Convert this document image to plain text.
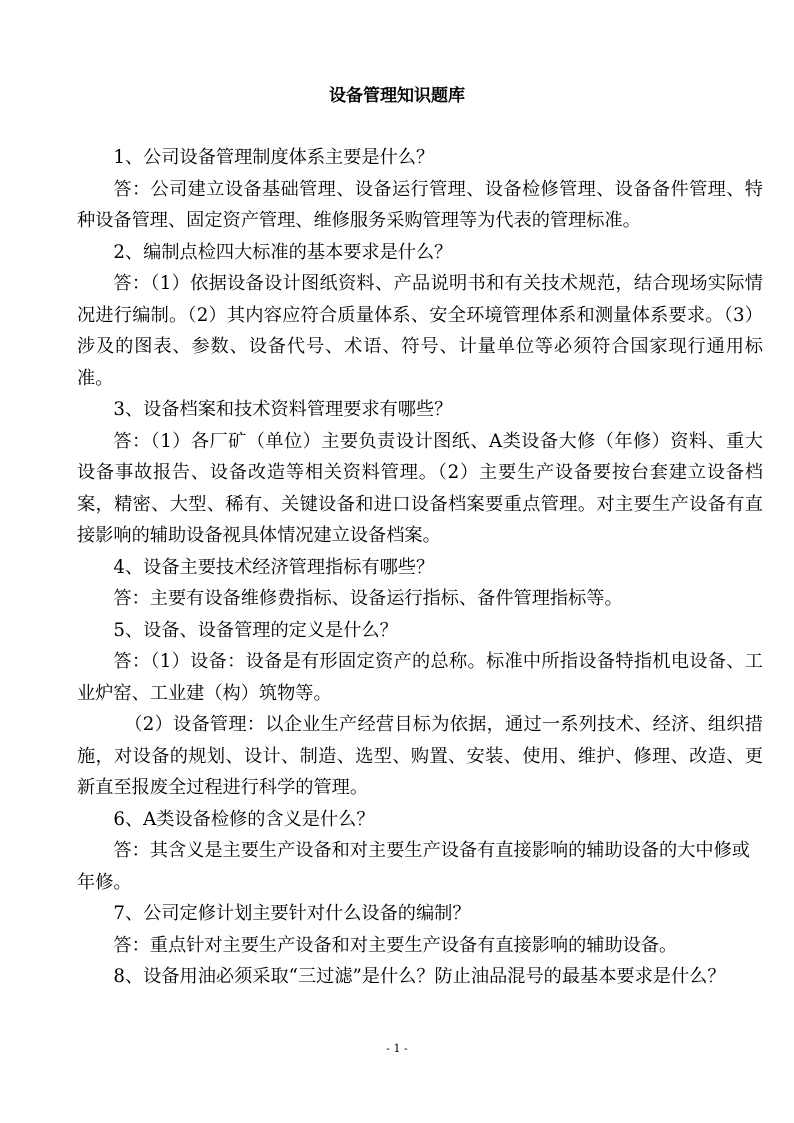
设备管理知识题库

1、公司设备管理制度体系主要是什么？

答：公司建立设备基础管理、设备运行管理、设备检修管理、设备备件管理、特种设备管理、固定资产管理、维修服务采购管理等为代表的管理标准。

2、编制点检四大标准的基本要求是什么？

答：（1）依据设备设计图纸资料、产品说明书和有关技术规范，结合现场实际情况进行编制。（2）其内容应符合质量体系、安全环境管理体系和测量体系要求。（3）涉及的图表、参数、设备代号、术语、符号、计量单位等必须符合国家现行通用标准。

3、设备档案和技术资料管理要求有哪些？

答：（1）各厂矿（单位）主要负责设计图纸、A类设备大修（年修）资料、重大设备事故报告、设备改造等相关资料管理。（2）主要生产设备要按台套建立设备档案，精密、大型、稀有、关键设备和进口设备档案要重点管理。对主要生产设备有直接影响的辅助设备视具体情况建立设备档案。

4、设备主要技术经济管理指标有哪些？

答：主要有设备维修费指标、设备运行指标、备件管理指标等。

5、设备、设备管理的定义是什么？

答：（1）设备：设备是有形固定资产的总称。标准中所指设备特指机电设备、工业炉窑、工业建（构）筑物等。

（2）设备管理：以企业生产经营目标为依据，通过一系列技术、经济、组织措施，对设备的规划、设计、制造、选型、购置、安装、使用、维护、修理、改造、更新直至报废全过程进行科学的管理。

6、A类设备检修的含义是什么？

答：其含义是主要生产设备和对主要生产设备有直接影响的辅助设备的大中修或

年修。

7、公司定修计划主要针对什么设备的编制？

答：重点针对主要生产设备和对主要生产设备有直接影响的辅助设备。

8、设备用油必须采取“三过滤”是什么？防止油品混号的最基本要求是什么？

- 1 -
